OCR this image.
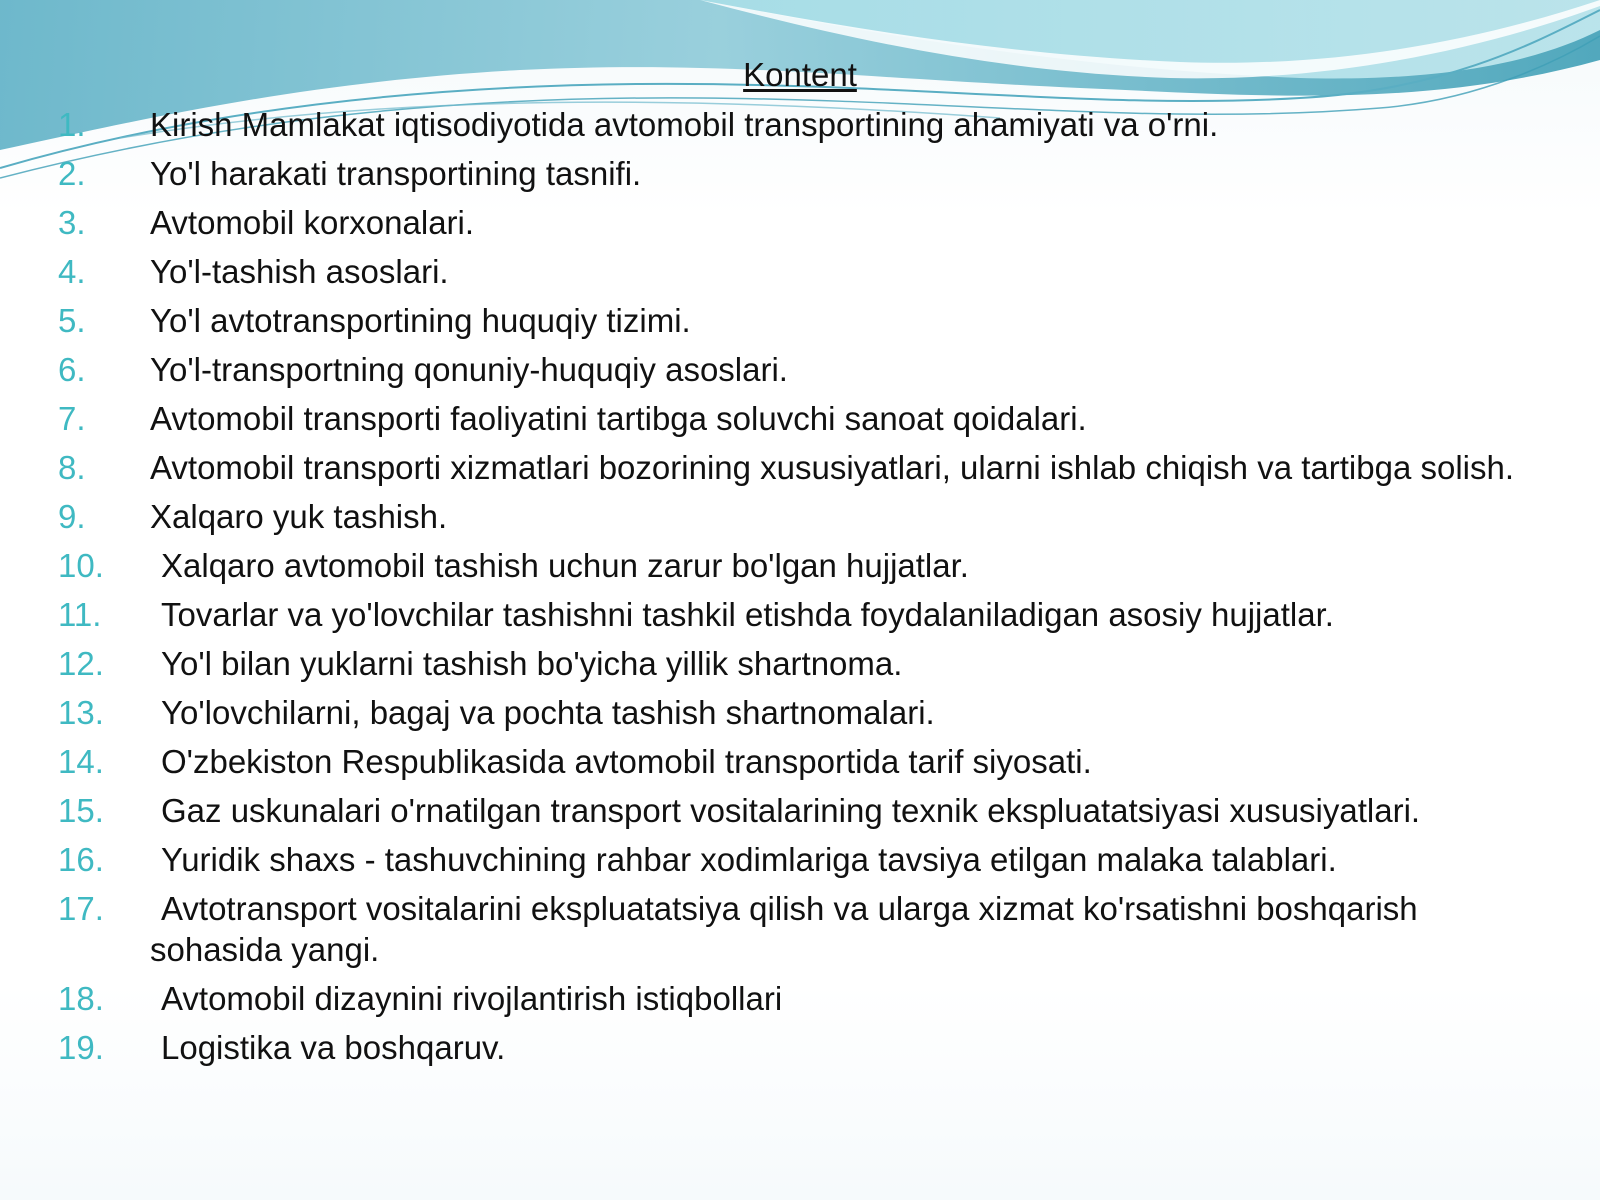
Kontent
1.	Kirish Mamlakat iqtisodiyotida avtomobil transportining ahamiyati va o'rni.
2.	Yo'l harakati transportining tasnifi.
3.	Avtomobil korxonalari.
4.	Yo'l-tashish asoslari.
5.	Yo'l avtotransportining huquqiy tizimi.
6.	Yo'l-transportning qonuniy-huquqiy asoslari.
7.	Avtomobil transporti faoliyatini tartibga soluvchi sanoat qoidalari.
8.	Avtomobil transporti xizmatlari bozorining xususiyatlari, ularni ishlab chiqish va tartibga solish.
9.	Xalqaro yuk tashish.
10.	Xalqaro avtomobil tashish uchun zarur bo'lgan hujjatlar.
11.	Tovarlar va yo'lovchilar tashishni tashkil etishda foydalaniladigan asosiy hujjatlar.
12.	Yo'l bilan yuklarni tashish bo'yicha yillik shartnoma.
13.	Yo'lovchilarni, bagaj va pochta tashish shartnomalari.
14.	O'zbekiston Respublikasida avtomobil transportida tarif siyosati.
15.	Gaz uskunalari o'rnatilgan transport vositalarining texnik ekspluatatsiyasi xususiyatlari.
16.	Yuridik shaxs - tashuvchining rahbar xodimlariga tavsiya etilgan malaka talablari.
17.	Avtotransport vositalarini ekspluatatsiya qilish va ularga xizmat ko'rsatishni boshqarish sohasida yangi.
18.	Avtomobil dizaynini rivojlantirish istiqbollari
19.	Logistika va boshqaruv.
